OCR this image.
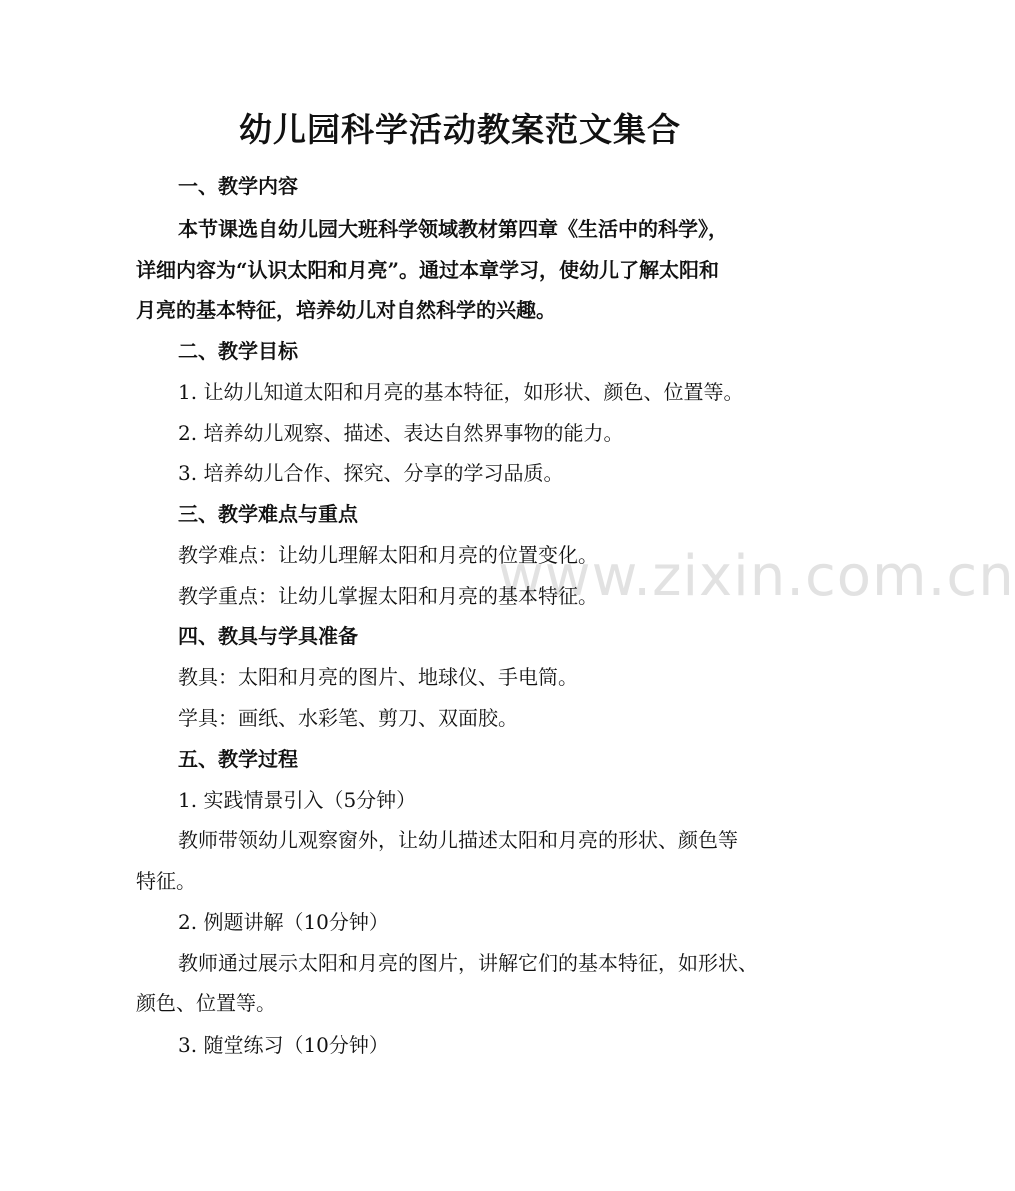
www.zixin.com.cn
幼儿园科学活动教案范文集合
一、教学内容
本节课选自幼儿园大班科学领域教材第四章《生活中的科学》，
详细内容为“认识太阳和月亮”。通过本章学习，使幼儿了解太阳和
月亮的基本特征，培养幼儿对自然科学的兴趣。
二、教学目标
1. 让幼儿知道太阳和月亮的基本特征，如形状、颜色、位置等。
2. 培养幼儿观察、描述、表达自然界事物的能力。
3. 培养幼儿合作、探究、分享的学习品质。
三、教学难点与重点
教学难点：让幼儿理解太阳和月亮的位置变化。
教学重点：让幼儿掌握太阳和月亮的基本特征。
四、教具与学具准备
教具：太阳和月亮的图片、地球仪、手电筒。
学具：画纸、水彩笔、剪刀、双面胶。
五、教学过程
1. 实践情景引入（5分钟）
教师带领幼儿观察窗外，让幼儿描述太阳和月亮的形状、颜色等
特征。
2. 例题讲解（10分钟）
教师通过展示太阳和月亮的图片，讲解它们的基本特征，如形状、
颜色、位置等。
3. 随堂练习（10分钟）
